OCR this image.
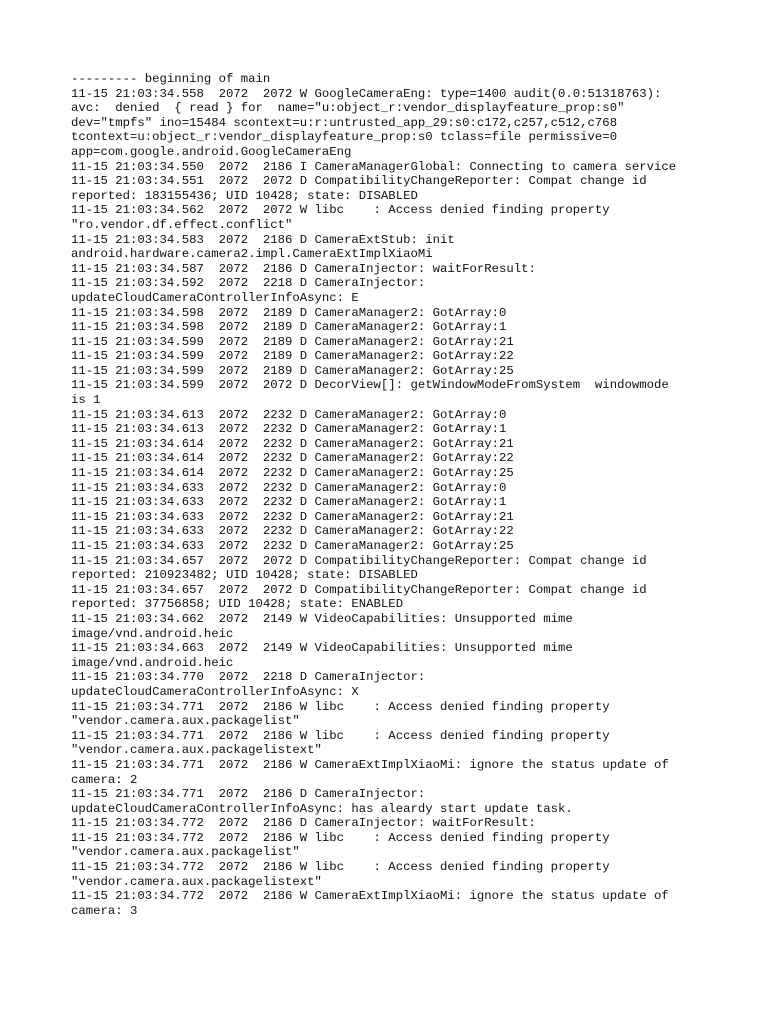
--------- beginning of main
11-15 21:03:34.558  2072  2072 W GoogleCameraEng: type=1400 audit(0.0:51318763):
avc:  denied  { read } for  name="u:object_r:vendor_displayfeature_prop:s0"
dev="tmpfs" ino=15484 scontext=u:r:untrusted_app_29:s0:c172,c257,c512,c768
tcontext=u:object_r:vendor_displayfeature_prop:s0 tclass=file permissive=0
app=com.google.android.GoogleCameraEng
11-15 21:03:34.550  2072  2186 I CameraManagerGlobal: Connecting to camera service
11-15 21:03:34.551  2072  2072 D CompatibilityChangeReporter: Compat change id
reported: 183155436; UID 10428; state: DISABLED
11-15 21:03:34.562  2072  2072 W libc    : Access denied finding property
"ro.vendor.df.effect.conflict"
11-15 21:03:34.583  2072  2186 D CameraExtStub: init
android.hardware.camera2.impl.CameraExtImplXiaoMi
11-15 21:03:34.587  2072  2186 D CameraInjector: waitForResult:
11-15 21:03:34.592  2072  2218 D CameraInjector:
updateCloudCameraControllerInfoAsync: E
11-15 21:03:34.598  2072  2189 D CameraManager2: GotArray:0
11-15 21:03:34.598  2072  2189 D CameraManager2: GotArray:1
11-15 21:03:34.599  2072  2189 D CameraManager2: GotArray:21
11-15 21:03:34.599  2072  2189 D CameraManager2: GotArray:22
11-15 21:03:34.599  2072  2189 D CameraManager2: GotArray:25
11-15 21:03:34.599  2072  2072 D DecorView[]: getWindowModeFromSystem  windowmode
is 1
11-15 21:03:34.613  2072  2232 D CameraManager2: GotArray:0
11-15 21:03:34.613  2072  2232 D CameraManager2: GotArray:1
11-15 21:03:34.614  2072  2232 D CameraManager2: GotArray:21
11-15 21:03:34.614  2072  2232 D CameraManager2: GotArray:22
11-15 21:03:34.614  2072  2232 D CameraManager2: GotArray:25
11-15 21:03:34.633  2072  2232 D CameraManager2: GotArray:0
11-15 21:03:34.633  2072  2232 D CameraManager2: GotArray:1
11-15 21:03:34.633  2072  2232 D CameraManager2: GotArray:21
11-15 21:03:34.633  2072  2232 D CameraManager2: GotArray:22
11-15 21:03:34.633  2072  2232 D CameraManager2: GotArray:25
11-15 21:03:34.657  2072  2072 D CompatibilityChangeReporter: Compat change id
reported: 210923482; UID 10428; state: DISABLED
11-15 21:03:34.657  2072  2072 D CompatibilityChangeReporter: Compat change id
reported: 37756858; UID 10428; state: ENABLED
11-15 21:03:34.662  2072  2149 W VideoCapabilities: Unsupported mime
image/vnd.android.heic
11-15 21:03:34.663  2072  2149 W VideoCapabilities: Unsupported mime
image/vnd.android.heic
11-15 21:03:34.770  2072  2218 D CameraInjector:
updateCloudCameraControllerInfoAsync: X
11-15 21:03:34.771  2072  2186 W libc    : Access denied finding property
"vendor.camera.aux.packagelist"
11-15 21:03:34.771  2072  2186 W libc    : Access denied finding property
"vendor.camera.aux.packagelistext"
11-15 21:03:34.771  2072  2186 W CameraExtImplXiaoMi: ignore the status update of
camera: 2
11-15 21:03:34.771  2072  2186 D CameraInjector:
updateCloudCameraControllerInfoAsync: has aleardy start update task.
11-15 21:03:34.772  2072  2186 D CameraInjector: waitForResult:
11-15 21:03:34.772  2072  2186 W libc    : Access denied finding property
"vendor.camera.aux.packagelist"
11-15 21:03:34.772  2072  2186 W libc    : Access denied finding property
"vendor.camera.aux.packagelistext"
11-15 21:03:34.772  2072  2186 W CameraExtImplXiaoMi: ignore the status update of
camera: 3
